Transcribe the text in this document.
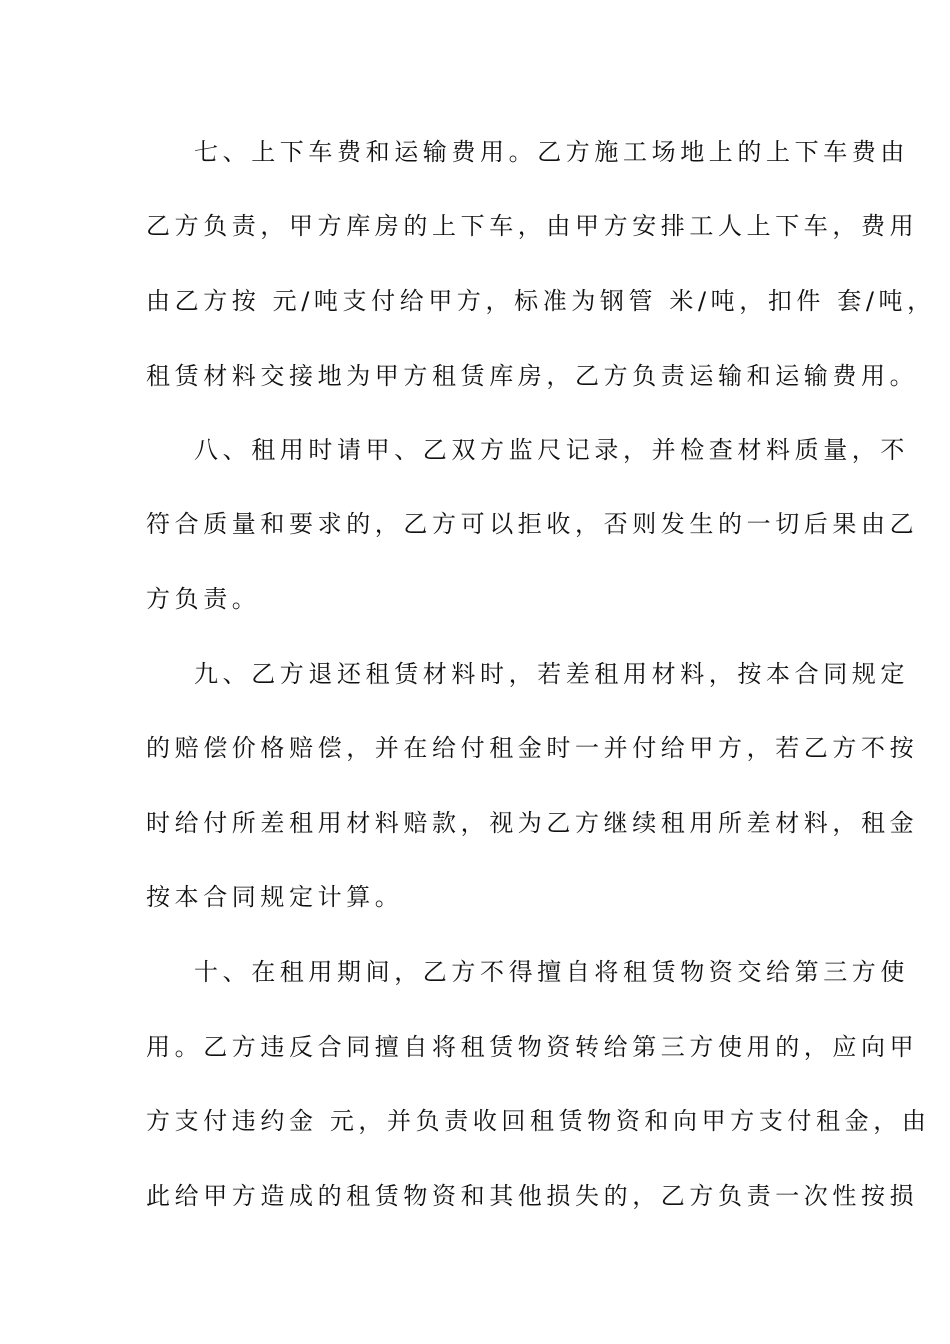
七、上下车费和运输费用。乙方施工场地上的上下车费由
乙方负责，甲方库房的上下车，由甲方安排工人上下车，费用
由乙方按 元/吨支付给甲方，标准为钢管 米/吨，扣件 套/吨，
租赁材料交接地为甲方租赁库房，乙方负责运输和运输费用。
八、租用时请甲、乙双方监尺记录，并检查材料质量，不
符合质量和要求的，乙方可以拒收，否则发生的一切后果由乙
方负责。
九、乙方退还租赁材料时，若差租用材料，按本合同规定
的赔偿价格赔偿，并在给付租金时一并付给甲方，若乙方不按
时给付所差租用材料赔款，视为乙方继续租用所差材料，租金
按本合同规定计算。
十、在租用期间，乙方不得擅自将租赁物资交给第三方使
用。乙方违反合同擅自将租赁物资转给第三方使用的，应向甲
方支付违约金 元，并负责收回租赁物资和向甲方支付租金，由
此给甲方造成的租赁物资和其他损失的，乙方负责一次性按损
